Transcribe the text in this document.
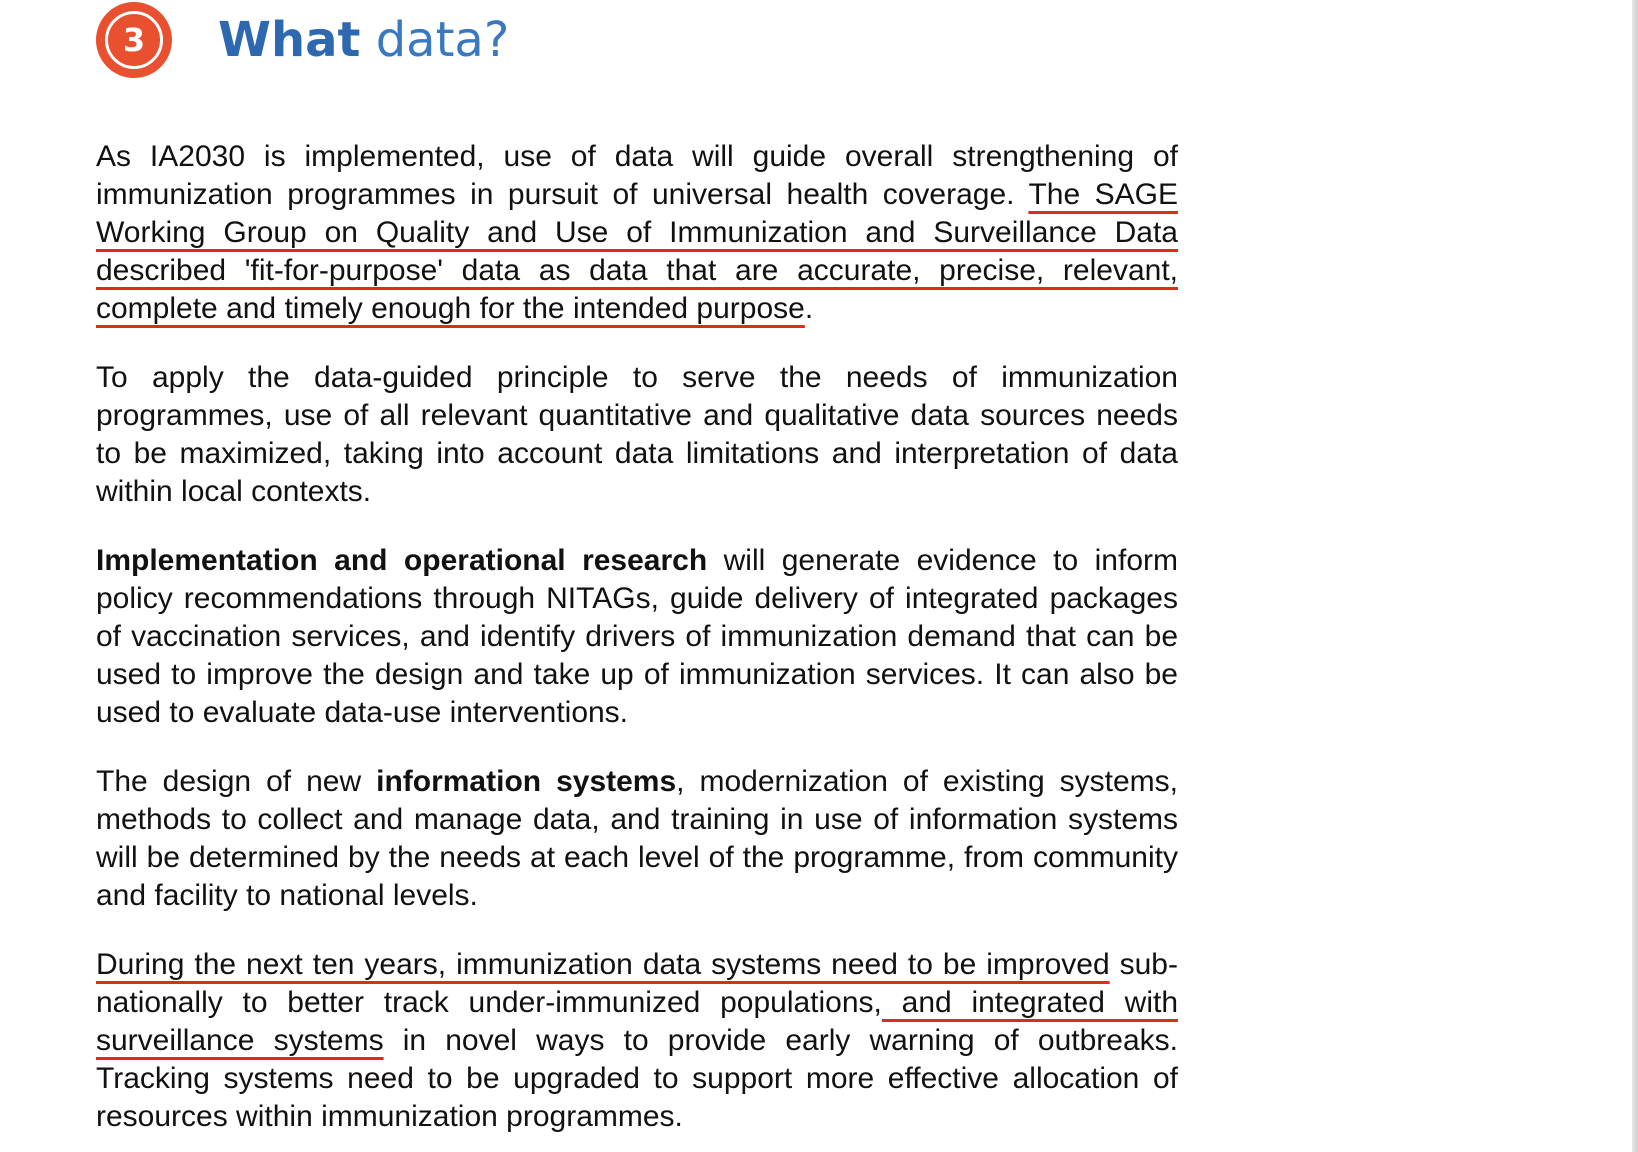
3	What data?

As IA2030 is implemented, use of data will guide overall strengthening of immunization programmes in pursuit of universal health coverage. The SAGE Working Group on Quality and Use of Immunization and Surveillance Data described 'fit-for-purpose' data as data that are accurate, precise, relevant, complete and timely enough for the intended purpose.

To apply the data-guided principle to serve the needs of immunization programmes, use of all relevant quantitative and qualitative data sources needs to be maximized, taking into account data limitations and interpretation of data within local contexts.

Implementation and operational research will generate evidence to inform policy recommendations through NITAGs, guide delivery of integrated packages of vaccination services, and identify drivers of immunization demand that can be used to improve the design and take up of immunization services. It can also be used to evaluate data-use interventions.

The design of new information systems, modernization of existing systems, methods to collect and manage data, and training in use of information systems will be determined by the needs at each level of the programme, from community and facility to national levels.

During the next ten years, immunization data systems need to be improved sub-nationally to better track under-immunized populations, and integrated with surveillance systems in novel ways to provide early warning of outbreaks. Tracking systems need to be upgraded to support more effective allocation of resources within immunization programmes.
